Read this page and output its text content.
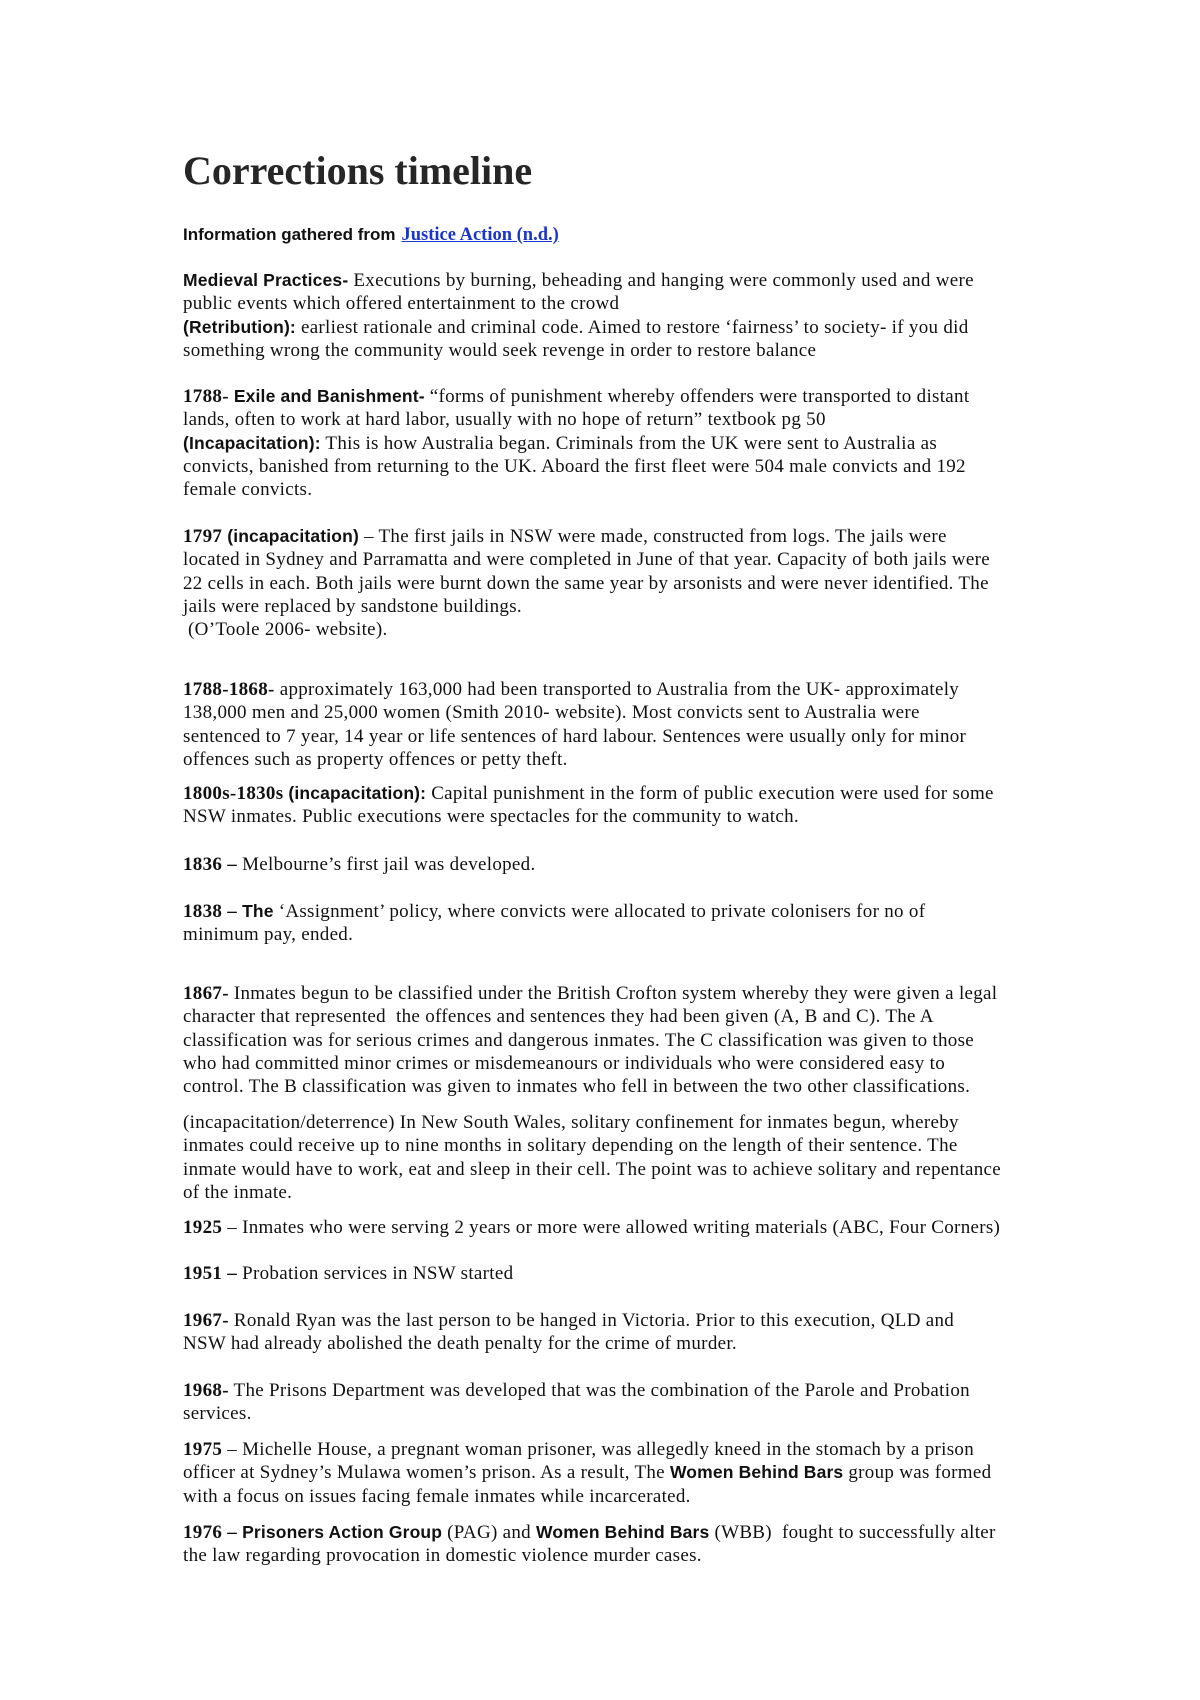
Corrections timeline
Information gathered from Justice Action (n.d.)
Medieval Practices- Executions by burning, beheading and hanging were commonly used and were
public events which offered entertainment to the crowd
(Retribution): earliest rationale and criminal code. Aimed to restore ‘fairness’ to society- if you did
something wrong the community would seek revenge in order to restore balance
1788- Exile and Banishment- “forms of punishment whereby offenders were transported to distant
lands, often to work at hard labor, usually with no hope of return” textbook pg 50
(Incapacitation): This is how Australia began. Criminals from the UK were sent to Australia as
convicts, banished from returning to the UK. Aboard the first fleet were 504 male convicts and 192
female convicts.
1797 (incapacitation) – The first jails in NSW were made, constructed from logs. The jails were
located in Sydney and Parramatta and were completed in June of that year. Capacity of both jails were
22 cells in each. Both jails were burnt down the same year by arsonists and were never identified. The
jails were replaced by sandstone buildings.
(O’Toole 2006- website).
1788-1868- approximately 163,000 had been transported to Australia from the UK- approximately
138,000 men and 25,000 women (Smith 2010- website). Most convicts sent to Australia were
sentenced to 7 year, 14 year or life sentences of hard labour. Sentences were usually only for minor
offences such as property offences or petty theft.
1800s-1830s (incapacitation): Capital punishment in the form of public execution were used for some
NSW inmates. Public executions were spectacles for the community to watch.
1836 – Melbourne’s first jail was developed.
1838 – The ‘Assignment’ policy, where convicts were allocated to private colonisers for no of
minimum pay, ended.
1867- Inmates begun to be classified under the British Crofton system whereby they were given a legal
character that represented  the offences and sentences they had been given (A, B and C). The A
classification was for serious crimes and dangerous inmates. The C classification was given to those
who had committed minor crimes or misdemeanours or individuals who were considered easy to
control. The B classification was given to inmates who fell in between the two other classifications.
(incapacitation/deterrence) In New South Wales, solitary confinement for inmates begun, whereby
inmates could receive up to nine months in solitary depending on the length of their sentence. The
inmate would have to work, eat and sleep in their cell. The point was to achieve solitary and repentance
of the inmate.
1925 – Inmates who were serving 2 years or more were allowed writing materials (ABC, Four Corners)
1951 – Probation services in NSW started
1967- Ronald Ryan was the last person to be hanged in Victoria. Prior to this execution, QLD and
NSW had already abolished the death penalty for the crime of murder.
1968- The Prisons Department was developed that was the combination of the Parole and Probation
services.
1975 – Michelle House, a pregnant woman prisoner, was allegedly kneed in the stomach by a prison
officer at Sydney’s Mulawa women’s prison. As a result, The Women Behind Bars group was formed
with a focus on issues facing female inmates while incarcerated.
1976 – Prisoners Action Group (PAG) and Women Behind Bars (WBB)  fought to successfully alter
the law regarding provocation in domestic violence murder cases.
